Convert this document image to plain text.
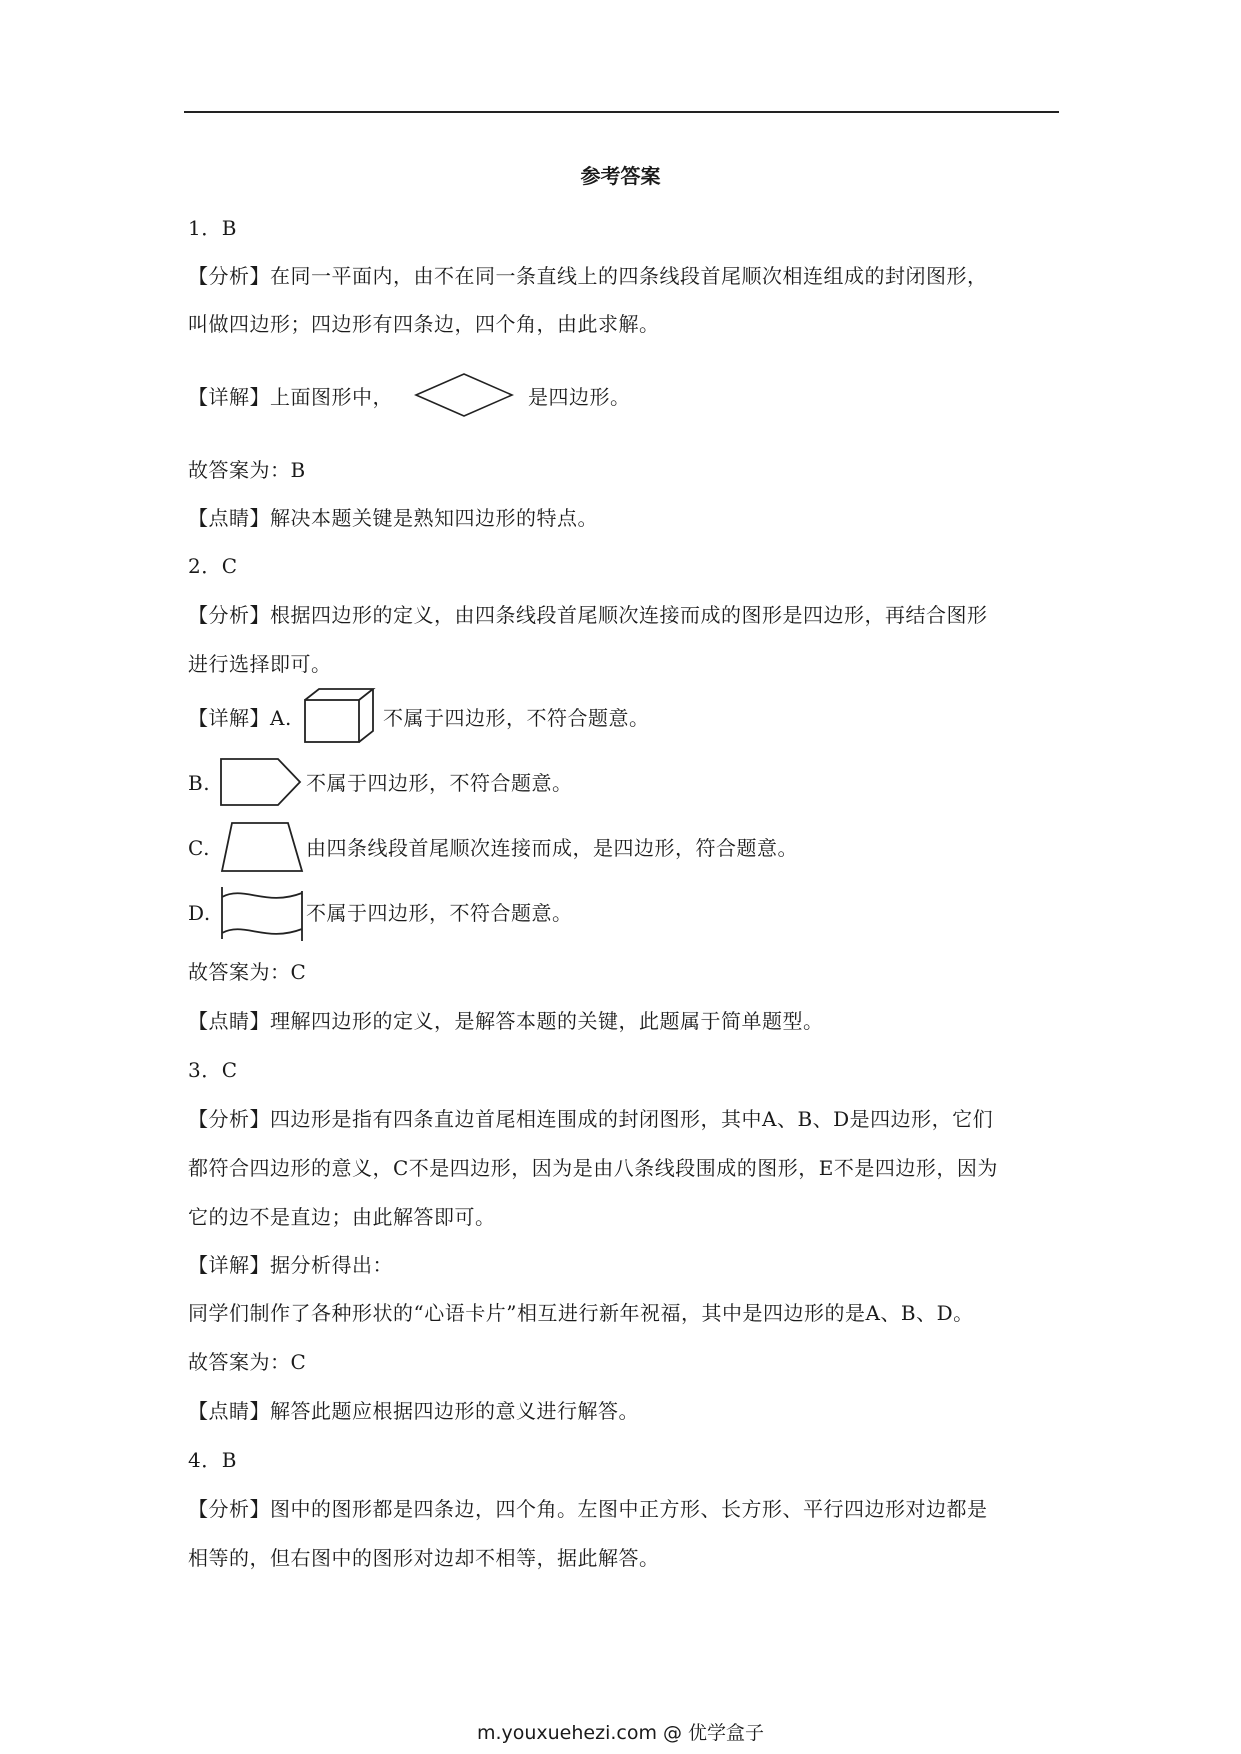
参考答案
1．B
【分析】在同一平面内，由不在同一条直线上的四条线段首尾顺次相连组成的封闭图形，
叫做四边形；四边形有四条边，四个角，由此求解。
【详解】上面图形中，	是四边形。
故答案为：B
【点睛】解决本题关键是熟知四边形的特点。
2．C
【分析】根据四边形的定义，由四条线段首尾顺次连接而成的图形是四边形，再结合图形
进行选择即可。
【详解】A.	不属于四边形，不符合题意。
B.	不属于四边形，不符合题意。
C.	由四条线段首尾顺次连接而成，是四边形，符合题意。
D.	不属于四边形，不符合题意。
故答案为：C
【点睛】理解四边形的定义，是解答本题的关键，此题属于简单题型。
3．C
【分析】四边形是指有四条直边首尾相连围成的封闭图形，其中A、B、D是四边形，它们
都符合四边形的意义，C不是四边形，因为是由八条线段围成的图形，E不是四边形，因为
它的边不是直边；由此解答即可。
【详解】据分析得出：
同学们制作了各种形状的“心语卡片”相互进行新年祝福，其中是四边形的是A、B、D。
故答案为：C
【点睛】解答此题应根据四边形的意义进行解答。
4．B
【分析】图中的图形都是四条边，四个角。左图中正方形、长方形、平行四边形对边都是
相等的，但右图中的图形对边却不相等，据此解答。
m.youxuehezi.com @ 优学盒子
